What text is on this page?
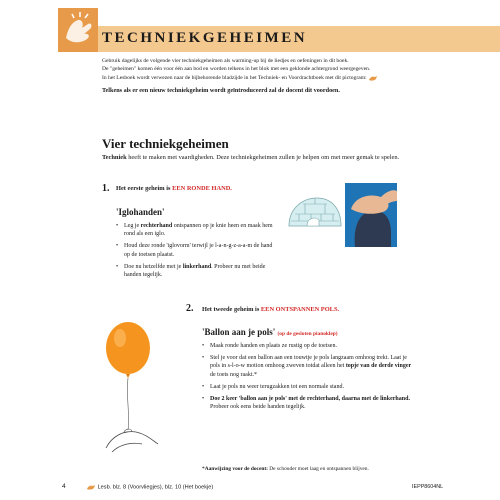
TECHNIEKGEHEIMEN

Gebruik dagelijks de volgende vier techniekgeheimen als warming-up bij de liedjes en oefeningen in dit boek.

De "geheimen" komen één voor één aan bod en worden telkens in het blok met een geklonde achtergrond weergegeven.

In het Lesboek wordt verwezen naar de bijbehorende bladzijde in het Techniek- en Voordrachtboek met dit pictogram:

Telkens als er een nieuw techniekgeheim wordt geïntroduceerd zal de docent dit voordoen.

Vier techniekgeheimen
Techniek heeft te maken met vaardigheden. Deze techniekgeheimen zullen je helpen om met meer gemak te spelen.
1. Het eerste geheim is EEN RONDE HAND.
'Iglohanden'
• Leg je rechterhand ontspannen op je knie heen en maak hem rond als een iglo.
• Houd deze ronde 'iglovorm' terwijl je l-a-n-g-z-a-a-m de hand op de toetsen plaatst.
• Doe nu hetzelfde met je linkerhand. Probeer nu met beide handen tegelijk.
2. Het tweede geheim is EEN ONTSPANNEN POLS.
'Ballon aan je pols' (op de gesloten pianoklep)
• Maak ronde handen en plaats ze rustig op de toetsen.
• Stel je voor dat een ballon aan een touwtje je pols langzaam omhoog trekt. Laat je pols in s-l-o-w motion omhoog zweven totdat alleen het topje van de derde vinger de toets nog raakt.*
• Laat je pols nu weer terugzakken tot een normale stand.
• Doe 2 keer 'ballon aan je pols' met de rechterhand, daarna met de linkerhand. Probeer ook eens beide handen tegelijk.
*Aanwijzing voor de docent: De schouder moet laag en ontspannen blijven.
4	Lesb. blz. 8 (Voorvliegjes), blz. 10 (Het boekje)	IEPP8604NL
